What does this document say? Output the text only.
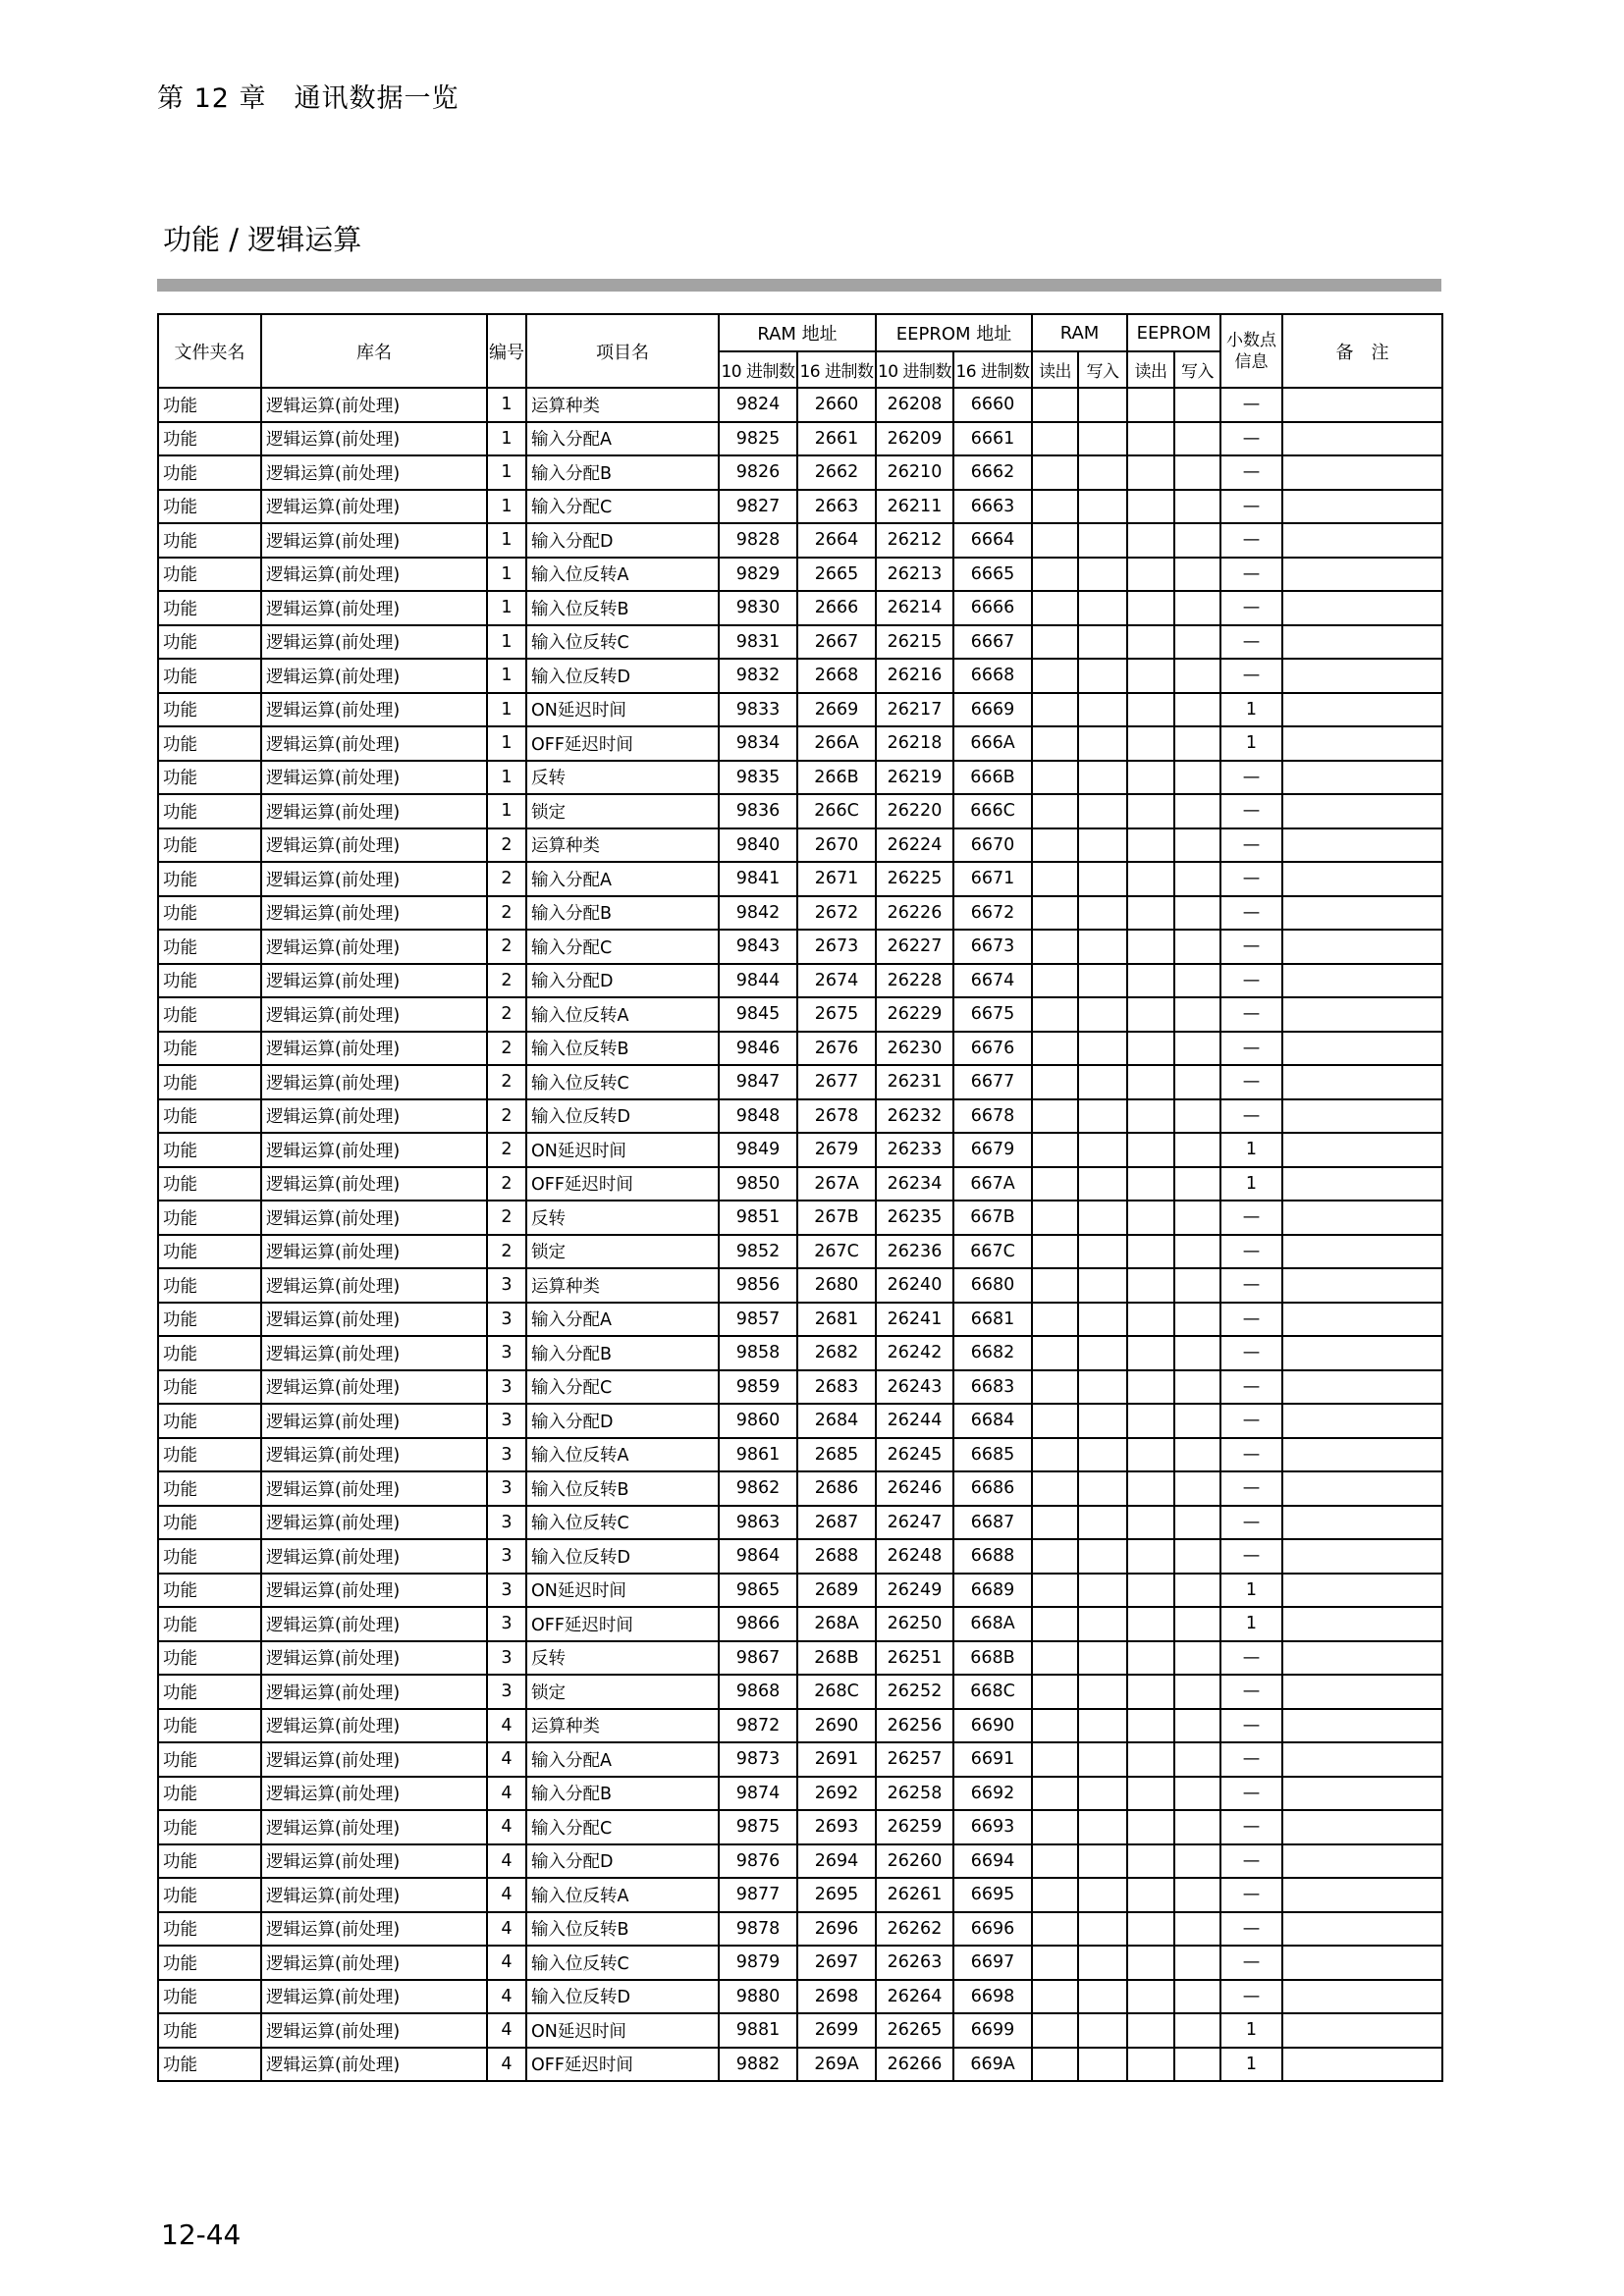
第 12 章　通讯数据一览
功能 / 逻辑运算
文件夹名	库名	编号	项目名	RAM 地址		EEPROM 地址		RAM		EEPROM		小数点信息	备　注
				10 进制数	16 进制数	10 进制数	16 进制数	读出	写入	读出	写入		
功能	逻辑运算(前处理)	1	运算种类	9824	2660	26208	6660					—	
功能	逻辑运算(前处理)	1	输入分配A	9825	2661	26209	6661					—	
功能	逻辑运算(前处理)	1	输入分配B	9826	2662	26210	6662					—	
功能	逻辑运算(前处理)	1	输入分配C	9827	2663	26211	6663					—	
功能	逻辑运算(前处理)	1	输入分配D	9828	2664	26212	6664					—	
功能	逻辑运算(前处理)	1	输入位反转A	9829	2665	26213	6665					—	
功能	逻辑运算(前处理)	1	输入位反转B	9830	2666	26214	6666					—	
功能	逻辑运算(前处理)	1	输入位反转C	9831	2667	26215	6667					—	
功能	逻辑运算(前处理)	1	输入位反转D	9832	2668	26216	6668					—	
功能	逻辑运算(前处理)	1	ON延迟时间	9833	2669	26217	6669					1	
功能	逻辑运算(前处理)	1	OFF延迟时间	9834	266A	26218	666A					1	
功能	逻辑运算(前处理)	1	反转	9835	266B	26219	666B					—	
功能	逻辑运算(前处理)	1	锁定	9836	266C	26220	666C					—	
功能	逻辑运算(前处理)	2	运算种类	9840	2670	26224	6670					—	
功能	逻辑运算(前处理)	2	输入分配A	9841	2671	26225	6671					—	
功能	逻辑运算(前处理)	2	输入分配B	9842	2672	26226	6672					—	
功能	逻辑运算(前处理)	2	输入分配C	9843	2673	26227	6673					—	
功能	逻辑运算(前处理)	2	输入分配D	9844	2674	26228	6674					—	
功能	逻辑运算(前处理)	2	输入位反转A	9845	2675	26229	6675					—	
功能	逻辑运算(前处理)	2	输入位反转B	9846	2676	26230	6676					—	
功能	逻辑运算(前处理)	2	输入位反转C	9847	2677	26231	6677					—	
功能	逻辑运算(前处理)	2	输入位反转D	9848	2678	26232	6678					—	
功能	逻辑运算(前处理)	2	ON延迟时间	9849	2679	26233	6679					1	
功能	逻辑运算(前处理)	2	OFF延迟时间	9850	267A	26234	667A					1	
功能	逻辑运算(前处理)	2	反转	9851	267B	26235	667B					—	
功能	逻辑运算(前处理)	2	锁定	9852	267C	26236	667C					—	
功能	逻辑运算(前处理)	3	运算种类	9856	2680	26240	6680					—	
功能	逻辑运算(前处理)	3	输入分配A	9857	2681	26241	6681					—	
功能	逻辑运算(前处理)	3	输入分配B	9858	2682	26242	6682					—	
功能	逻辑运算(前处理)	3	输入分配C	9859	2683	26243	6683					—	
功能	逻辑运算(前处理)	3	输入分配D	9860	2684	26244	6684					—	
功能	逻辑运算(前处理)	3	输入位反转A	9861	2685	26245	6685					—	
功能	逻辑运算(前处理)	3	输入位反转B	9862	2686	26246	6686					—	
功能	逻辑运算(前处理)	3	输入位反转C	9863	2687	26247	6687					—	
功能	逻辑运算(前处理)	3	输入位反转D	9864	2688	26248	6688					—	
功能	逻辑运算(前处理)	3	ON延迟时间	9865	2689	26249	6689					1	
功能	逻辑运算(前处理)	3	OFF延迟时间	9866	268A	26250	668A					1	
功能	逻辑运算(前处理)	3	反转	9867	268B	26251	668B					—	
功能	逻辑运算(前处理)	3	锁定	9868	268C	26252	668C					—	
功能	逻辑运算(前处理)	4	运算种类	9872	2690	26256	6690					—	
功能	逻辑运算(前处理)	4	输入分配A	9873	2691	26257	6691					—	
功能	逻辑运算(前处理)	4	输入分配B	9874	2692	26258	6692					—	
功能	逻辑运算(前处理)	4	输入分配C	9875	2693	26259	6693					—	
功能	逻辑运算(前处理)	4	输入分配D	9876	2694	26260	6694					—	
功能	逻辑运算(前处理)	4	输入位反转A	9877	2695	26261	6695					—	
功能	逻辑运算(前处理)	4	输入位反转B	9878	2696	26262	6696					—	
功能	逻辑运算(前处理)	4	输入位反转C	9879	2697	26263	6697					—	
功能	逻辑运算(前处理)	4	输入位反转D	9880	2698	26264	6698					—	
功能	逻辑运算(前处理)	4	ON延迟时间	9881	2699	26265	6699					1	
功能	逻辑运算(前处理)	4	OFF延迟时间	9882	269A	26266	669A					1	
12-44
